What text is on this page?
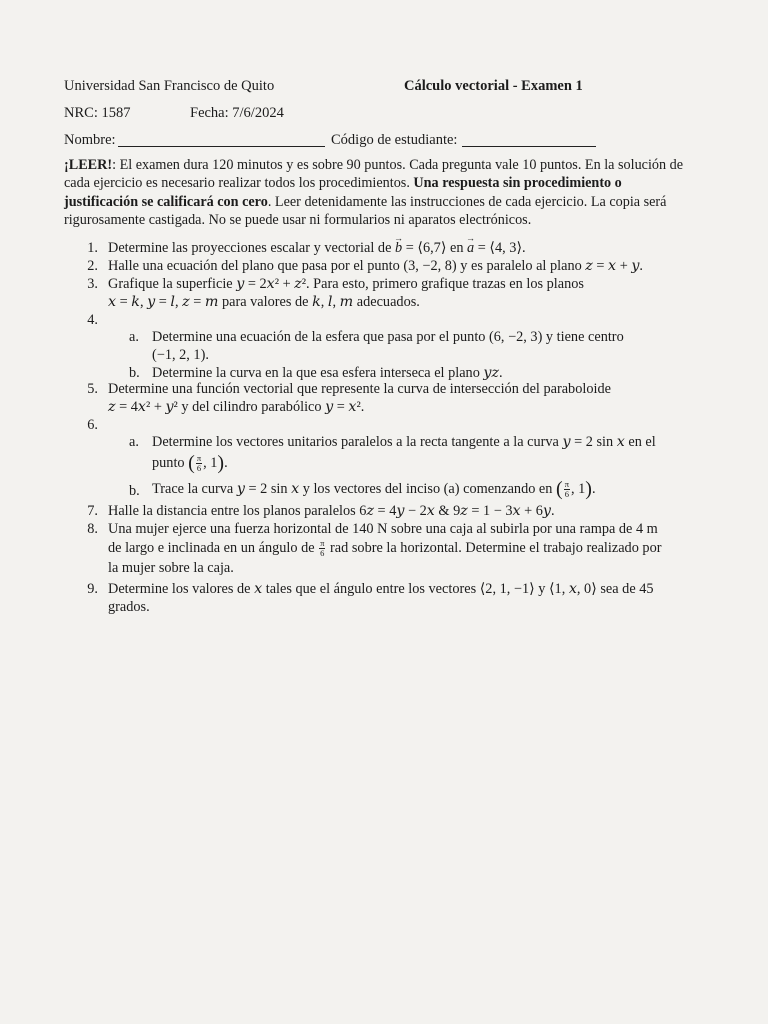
Universidad San Francisco de Quito	Cálculo vectorial - Examen 1
NRC: 1587	Fecha: 7/6/2024
Nombre:	Código de estudiante:
¡LEER!: El examen dura 120 minutos y es sobre 90 puntos. Cada pregunta vale 10 puntos. En la solución de cada ejercicio es necesario realizar todos los procedimientos. Una respuesta sin procedimiento o justificación se calificará con cero. Leer detenidamente las instrucciones de cada ejercicio. La copia será rigurosamente castigada. No se puede usar ni formularios ni aparatos electrónicos.
1. Determine las proyecciones escalar y vectorial de → b = ⟨6,7⟩ en → a = ⟨4, 3⟩.
2. Halle una ecuación del plano que pasa por el punto (3, −2, 8) y es paralelo al plano 𝑧 = 𝑥 + 𝑦.
3. Grafique la superficie 𝑦 = 2𝑥² + 𝑧². Para esto, primero grafique trazas en los planos
𝑥 = 𝑘, 𝑦 = 𝑙, 𝑧 = 𝑚 para valores de 𝑘, 𝑙, 𝑚 adecuados.
4.
a. Determine una ecuación de la esfera que pasa por el punto (6, −2, 3) y tiene centro
(−1, 2, 1).
b. Determine la curva en la que esa esfera interseca el plano 𝑦𝑧.
5. Determine una función vectorial que represente la curva de intersección del paraboloide
𝑧 = 4𝑥² + 𝑦² y del cilindro parabólico 𝑦 = 𝑥².
6.
a. Determine los vectores unitarios paralelos a la recta tangente a la curva 𝑦 = 2 sin 𝑥 en el
punto ( $\frac{\pi}{6}$ , 1).
b. Trace la curva 𝑦 = 2 sin 𝑥 y los vectores del inciso (a) comenzando en ( $\frac{\pi}{6}$ , 1).
7. Halle la distancia entre los planos paralelos 6𝑧 = 4𝑦 − 2𝑥 & 9𝑧 = 1 − 3𝑥 + 6𝑦.
8. Una mujer ejerce una fuerza horizontal de 140 N sobre una caja al subirla por una rampa de 4 m
de largo e inclinada en un ángulo de $\frac{\pi}{6}$ rad sobre la horizontal. Determine el trabajo realizado por
la mujer sobre la caja.
9. Determine los valores de 𝑥 tales que el ángulo entre los vectores ⟨2, 1, −1⟩ y ⟨1, 𝑥, 0⟩ sea de 45
grados.
